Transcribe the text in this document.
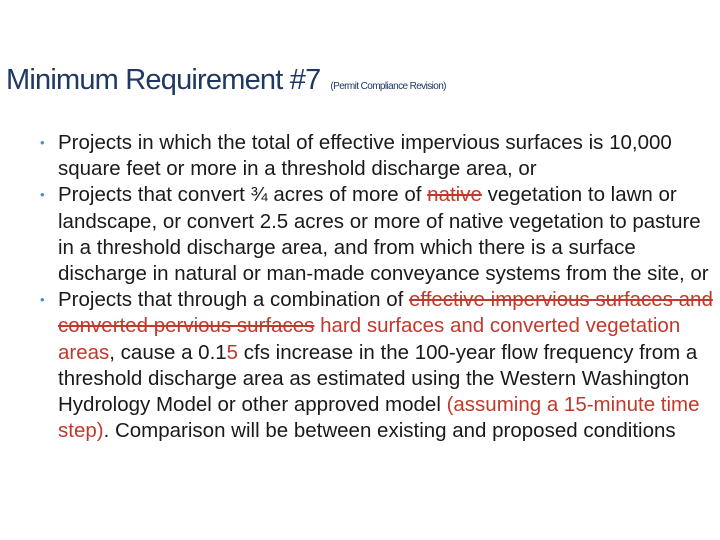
Minimum Requirement #7 (Permit Compliance Revision)
• Projects in which the total of effective impervious surfaces is 10,000 square feet or more in a threshold discharge area, or
• Projects that convert ¾ acres of more of native vegetation to lawn or landscape, or convert 2.5 acres or more of native vegetation to pasture in a threshold discharge area, and from which there is a surface discharge in natural or man-made conveyance systems from the site, or
• Projects that through a combination of effective impervious surfaces and converted pervious surfaces hard surfaces and converted vegetation areas, cause a 0.15 cfs increase in the 100-year flow frequency from a threshold discharge area as estimated using the Western Washington Hydrology Model or other approved model (assuming a 15-minute time step). Comparison will be between existing and proposed conditions
